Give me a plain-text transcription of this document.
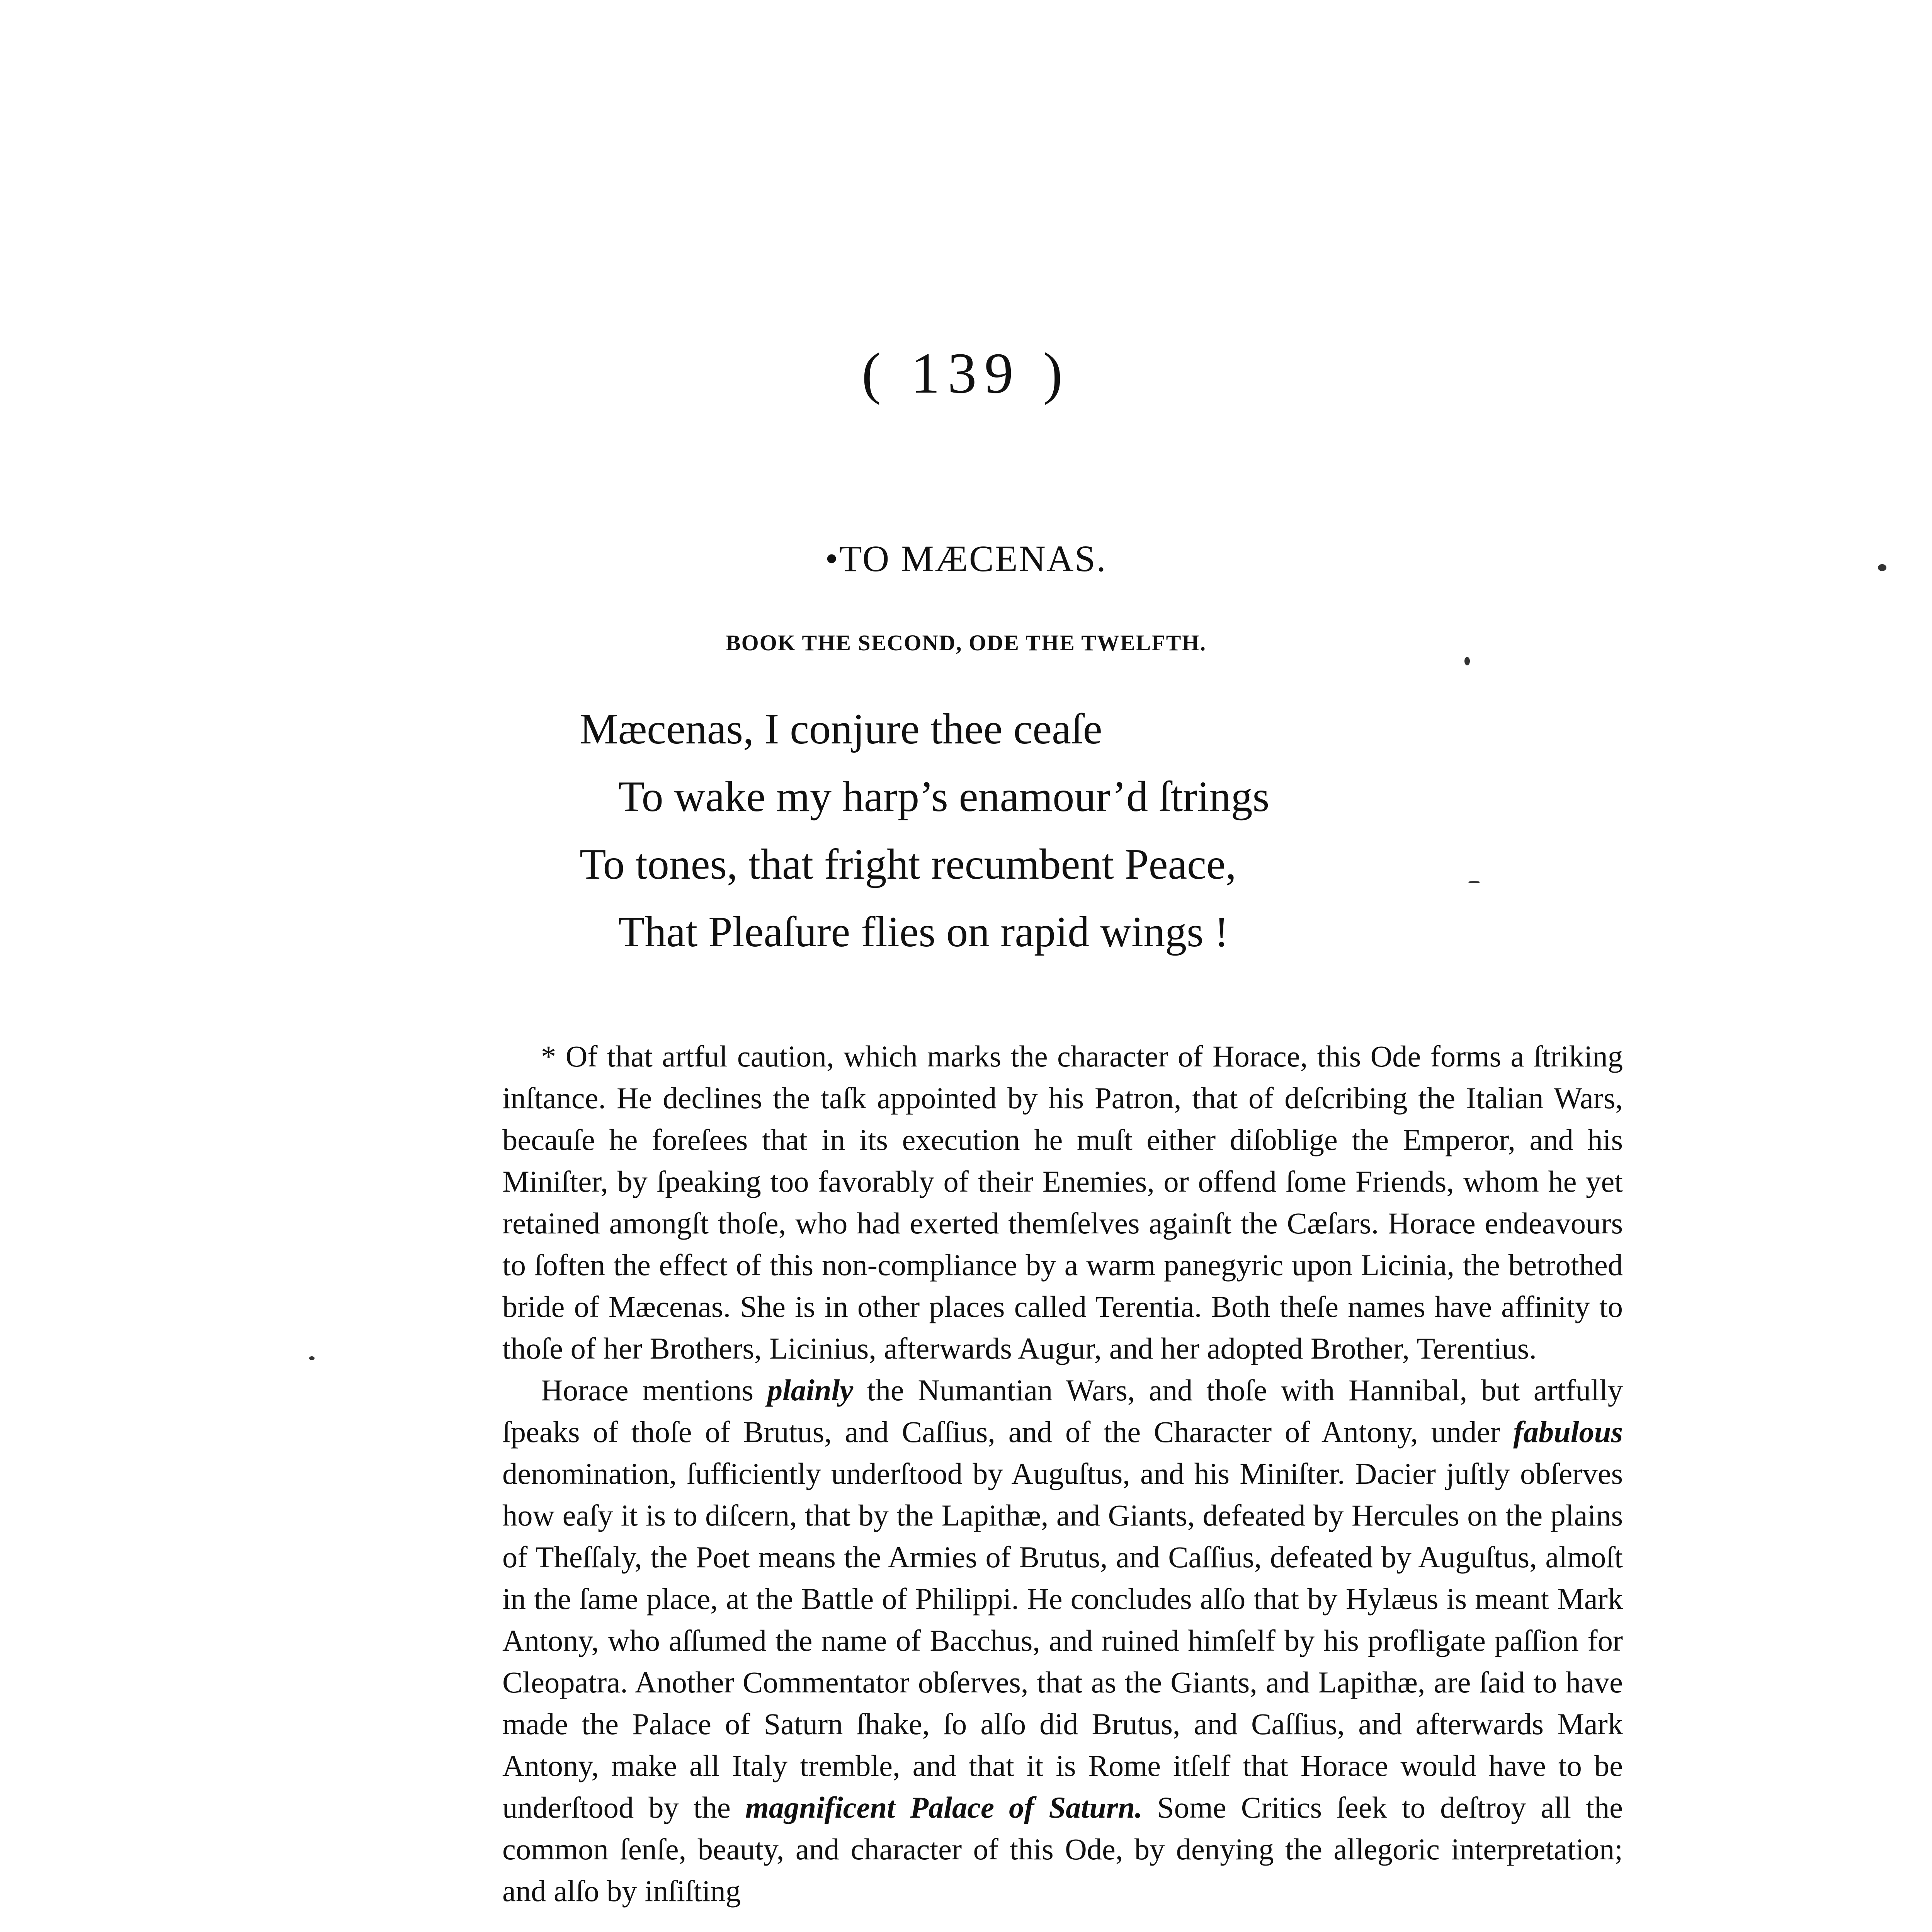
( 139 )
•TO MÆCENAS.
BOOK THE SECOND, ODE THE TWELFTH.
Mæcenas, I conjure thee ceaſe
To wake my harp’s enamour’d ſtrings
To tones, that fright recumbent Peace,
That Pleaſure flies on rapid wings !

* Of that artful caution, which marks the character of Horace, this Ode forms a ſtriking inſtance. He declines the taſk appointed by his Patron, that of deſcribing the Italian Wars, becauſe he foreſees that in its execution he muſt either diſoblige the Emperor, and his Miniſter, by ſpeaking too favorably of their Enemies, or offend ſome Friends, whom he yet retained amongſt thoſe, who had exerted themſelves againſt the Cæſars. Horace endeavours to ſoften the effect of this non-compliance by a warm panegyric upon Licinia, the betrothed bride of Mæcenas. She is in other places called Terentia. Both theſe names have affinity to thoſe of her Brothers, Licinius, afterwards Augur, and her adopted Brother, Terentius.

Horace mentions plainly the Numantian Wars, and thoſe with Hannibal, but artfully ſpeaks of thoſe of Brutus, and Caſſius, and of the Character of Antony, under fabulous denomination, ſufficiently underſtood by Auguſtus, and his Miniſter. Dacier juſtly obſerves how eaſy it is to diſcern, that by the Lapithæ, and Giants, defeated by Hercules on the plains of Theſſaly, the Poet means the Armies of Brutus, and Caſſius, defeated by Auguſtus, almoſt in the ſame place, at the Battle of Philippi. He concludes alſo that by Hylæus is meant Mark Antony, who aſſumed the name of Bacchus, and ruined himſelf by his profligate paſſion for Cleopatra. Another Commentator obſerves, that as the Giants, and Lapithæ, are ſaid to have made the Palace of Saturn ſhake, ſo alſo did Brutus, and Caſſius, and afterwards Mark Antony, make all Italy tremble, and that it is Rome itſelf that Horace would have to be underſtood by the magnificent Palace of Saturn. Some Critics ſeek to deſtroy all the common ſenſe, beauty, and character of this Ode, by denying the allegoric interpretation; and alſo by inſiſting
